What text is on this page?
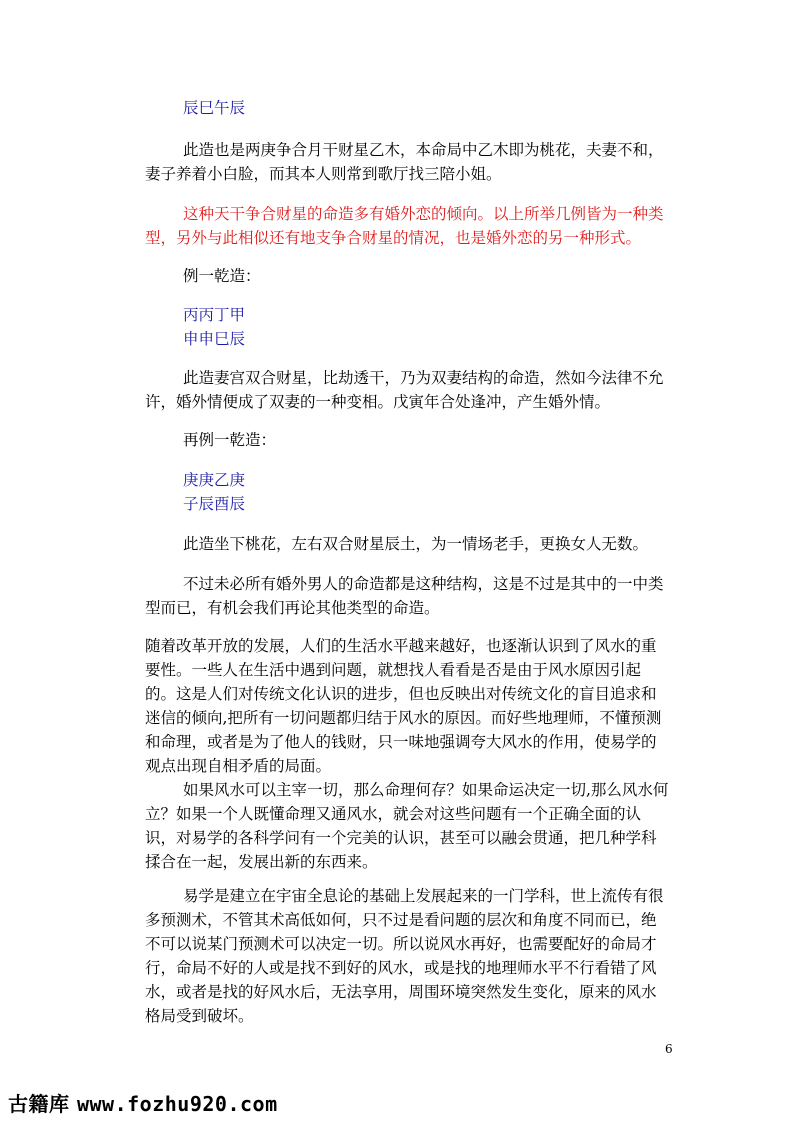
辰巳午辰

此造也是两庚争合月干财星乙木，本命局中乙木即为桃花，夫妻不和，妻子养着小白脸，而其本人则常到歌厅找三陪小姐。

这种天干争合财星的命造多有婚外恋的倾向。以上所举几例皆为一种类型，另外与此相似还有地支争合财星的情况，也是婚外恋的另一种形式。

例一乾造：
丙丙丁甲
申申巳辰

此造妻宫双合财星，比劫透干，乃为双妻结构的命造，然如今法律不允许，婚外情便成了双妻的一种变相。戊寅年合处逢冲，产生婚外情。

再例一乾造：
庚庚乙庚
子辰酉辰

此造坐下桃花，左右双合财星辰土，为一情场老手，更换女人无数。

不过未必所有婚外男人的命造都是这种结构，这是不过是其中的一中类型而已，有机会我们再论其他类型的命造。

随着改革开放的发展，人们的生活水平越来越好，也逐渐认识到了风水的重要性。一些人在生活中遇到问题，就想找人看看是否是由于风水原因引起的。这是人们对传统文化认识的进步，但也反映出对传统文化的盲目追求和迷信的倾向,把所有一切问题都归结于风水的原因。而好些地理师，不懂预测和命理，或者是为了他人的钱财，只一味地强调夸大风水的作用，使易学的观点出现自相矛盾的局面。

如果风水可以主宰一切，那么命理何存？如果命运决定一切,那么风水何立？如果一个人既懂命理又通风水，就会对这些问题有一个正确全面的认识，对易学的各科学问有一个完美的认识，甚至可以融会贯通，把几种学科揉合在一起，发展出新的东西来。

易学是建立在宇宙全息论的基础上发展起来的一门学科，世上流传有很多预测术，不管其术高低如何，只不过是看问题的层次和角度不同而已，绝不可以说某门预测术可以决定一切。所以说风水再好，也需要配好的命局才行，命局不好的人或是找不到好的风水，或是找的地理师水平不行看错了风水，或者是找的好风水后，无法享用，周围环境突然发生变化，原来的风水格局受到破坏。

6
古籍库 www.fozhu920.com
